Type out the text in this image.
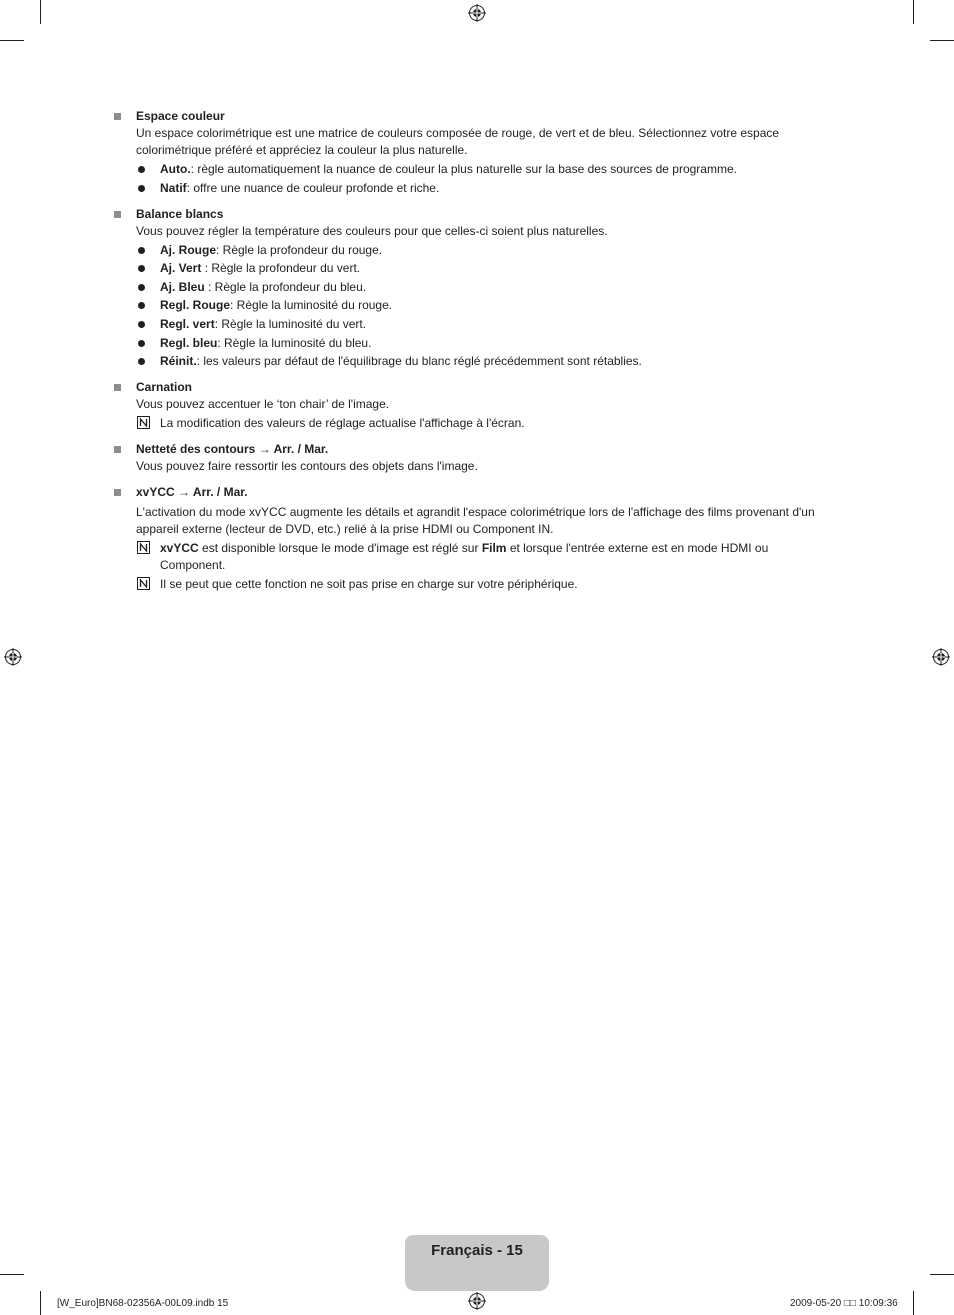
Espace couleur

Un espace colorimétrique est une matrice de couleurs composée de rouge, de vert et de bleu. Sélectionnez votre espace colorimétrique préféré et appréciez la couleur la plus naturelle.

Auto.: règle automatiquement la nuance de couleur la plus naturelle sur la base des sources de programme.
Natif: offre une nuance de couleur profonde et riche.
Balance blancs

Vous pouvez régler la température des couleurs pour que celles-ci soient plus naturelles.

Aj. Rouge: Règle la profondeur du rouge.
Aj. Vert : Règle la profondeur du vert.
Aj. Bleu : Règle la profondeur du bleu.
Regl. Rouge: Règle la luminosité du rouge.
Regl. vert: Règle la luminosité du vert.
Regl. bleu: Règle la luminosité du bleu.
Réinit.: les valeurs par défaut de l'équilibrage du blanc réglé précédemment sont rétablies.
Carnation

Vous pouvez accentuer le ‘ton chair’ de l'image.

La modification des valeurs de réglage actualise l'affichage à l'écran.
Netteté des contours → Arr. / Mar.

Vous pouvez faire ressortir les contours des objets dans l'image.

xvYCC → Arr. / Mar.

L'activation du mode xvYCC augmente les détails et agrandit l'espace colorimétrique lors de l'affichage des films provenant d'un appareil externe (lecteur de DVD, etc.) relié à la prise HDMI ou Component IN.

xvYCC est disponible lorsque le mode d'image est réglé sur Film et lorsque l'entrée externe est en mode HDMI ou Component.
Il se peut que cette fonction ne soit pas prise en charge sur votre périphérique.
Français - 15
[W_Euro]BN68-02356A-00L09.indb 15	2009-05-20 □□ 10:09:36
